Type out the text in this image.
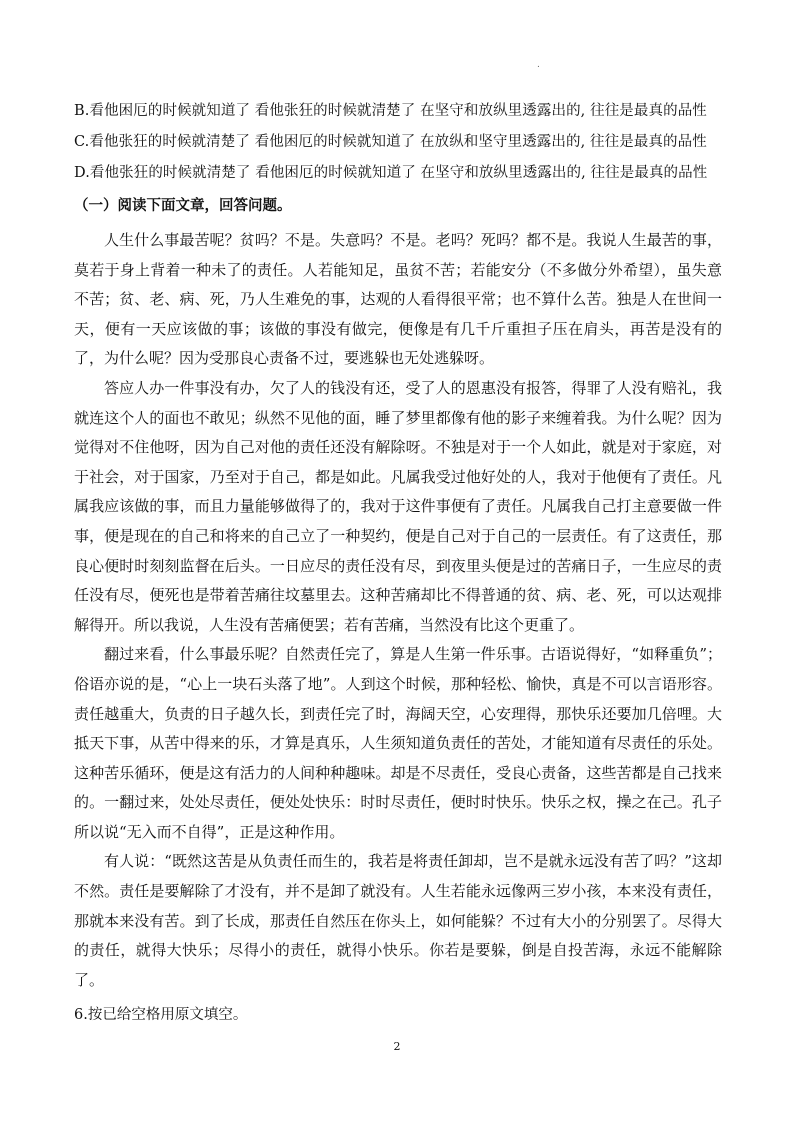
.
B.看他困厄的时候就知道了 看他张狂的时候就清楚了 在坚守和放纵里透露出的, 往往是最真的品性
C.看他张狂的时候就清楚了 看他困厄的时候就知道了 在放纵和坚守里透露出的, 往往是最真的品性
D.看他张狂的时候就清楚了 看他困厄的时候就知道了 在坚守和放纵里透露出的, 往往是最真的品性
（一）阅读下面文章，回答问题。

人生什么事最苦呢？贫吗？不是。失意吗？不是。老吗？死吗？都不是。我说人生最苦的事，莫若于身上背着一种未了的责任。人若能知足，虽贫不苦；若能安分（不多做分外希望），虽失意不苦；贫、老、病、死，乃人生难免的事，达观的人看得很平常；也不算什么苦。独是人在世间一天，便有一天应该做的事；该做的事没有做完，便像是有几千斤重担子压在肩头，再苦是没有的了，为什么呢？因为受那良心责备不过，要逃躲也无处逃躲呀。

答应人办一件事没有办，欠了人的钱没有还，受了人的恩惠没有报答，得罪了人没有赔礼，我就连这个人的面也不敢见；纵然不见他的面，睡了梦里都像有他的影子来缠着我。为什么呢？因为觉得对不住他呀，因为自己对他的责任还没有解除呀。不独是对于一个人如此，就是对于家庭，对于社会，对于国家，乃至对于自己，都是如此。凡属我受过他好处的人，我对于他便有了责任。凡属我应该做的事，而且力量能够做得了的，我对于这件事便有了责任。凡属我自己打主意要做一件事，便是现在的自己和将来的自己立了一种契约，便是自己对于自己的一层责任。有了这责任，那良心便时时刻刻监督在后头。一日应尽的责任没有尽，到夜里头便是过的苦痛日子，一生应尽的责任没有尽，便死也是带着苦痛往坟墓里去。这种苦痛却比不得普通的贫、病、老、死，可以达观排解得开。所以我说，人生没有苦痛便罢；若有苦痛，当然没有比这个更重了。

翻过来看，什么事最乐呢？自然责任完了，算是人生第一件乐事。古语说得好，“如释重负”；俗语亦说的是，“心上一块石头落了地”。人到这个时候，那种轻松、愉快，真是不可以言语形容。责任越重大，负责的日子越久长，到责任完了时，海阔天空，心安理得，那快乐还要加几倍哩。大抵天下事，从苦中得来的乐，才算是真乐，人生须知道负责任的苦处，才能知道有尽责任的乐处。这种苦乐循环，便是这有活力的人间种种趣味。却是不尽责任，受良心责备，这些苦都是自己找来的。一翻过来，处处尽责任，便处处快乐：时时尽责任，便时时快乐。快乐之权，操之在己。孔子所以说“无入而不自得”，正是这种作用。

有人说：“既然这苦是从负责任而生的，我若是将责任卸却，岂不是就永远没有苦了吗？”这却不然。责任是要解除了才没有，并不是卸了就没有。人生若能永远像两三岁小孩，本来没有责任，那就本来没有苦。到了长成，那责任自然压在你头上，如何能躲？不过有大小的分别罢了。尽得大的责任，就得大快乐；尽得小的责任，就得小快乐。你若是要躲，倒是自投苦海，永远不能解除了。

6.按已给空格用原文填空。
2
